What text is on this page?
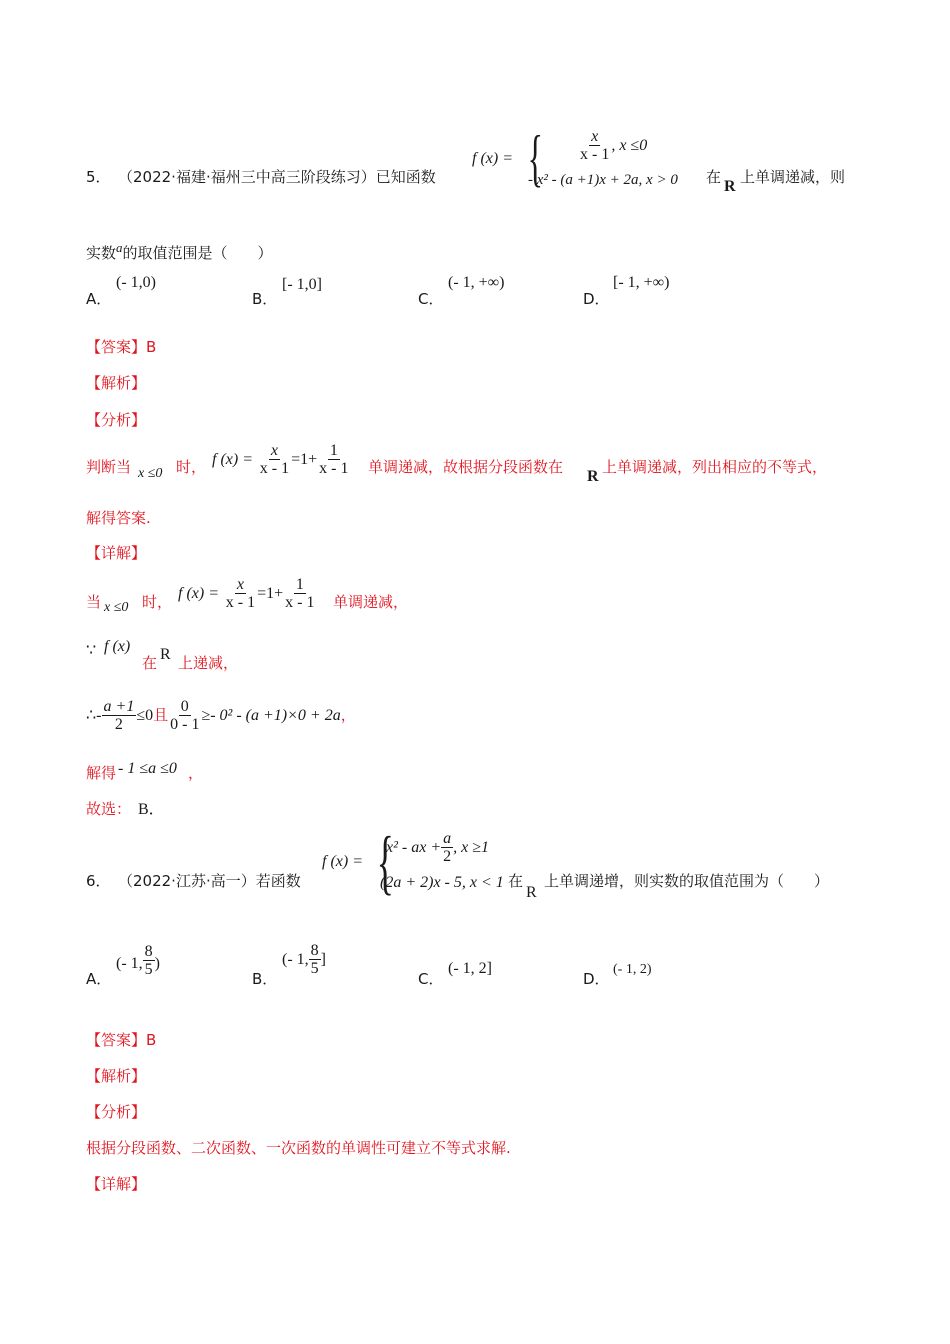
5． （2022·福建·福州三中高三阶段练习）已知函数
f (x) = { $\frac{x}{x - 1}$ , x ≤0
- x² - (a +1)x + 2a, x > 0 在
R
上单调递减，则
实数a的取值范围是（　　）
A．
(- 1,0)
B．
[- 1,0]
C．
(- 1, +∞)
D．
[- 1, +∞)
【答案】B
【解析】
【分析】
判断当 x ≤0 时， f $(x) = \frac{x}{x - 1} =1+ \frac{1}{x - 1}$ 单调递减，故根据分段函数在
R
上单调递减，列出相应的不等式，
解得答案.
【详解】
当 x ≤0 时， f $(x) = \frac{x}{x - 1} =1+ \frac{1}{x - 1}$ 单调递减，
∵ f (x)
在 R 上递减，
∴- $\frac{a +1}{2} \le 0$且 $\frac{0}{0 - 1} \ge- 0^2 - (a +1)\times 0 + 2a$，
解得 - 1 ≤a ≤0 ，
故选： B．
6． （2022·江苏·高一）若函数
f (x) = {
x² - ax + $\frac{a}{2}$ , x ≥1
(2a + 2)x - 5, x < 1 在
R
上单调递增，则实数的取值范围为（　　）
A．
(- 1, $\frac{8}{5}$ )
B．
(- 1, $\frac{8}{5}$ ]
C．
(- 1, 2]
D．
(- 1, 2)
【答案】B
【解析】
【分析】
根据分段函数、二次函数、一次函数的单调性可建立不等式求解.
【详解】
